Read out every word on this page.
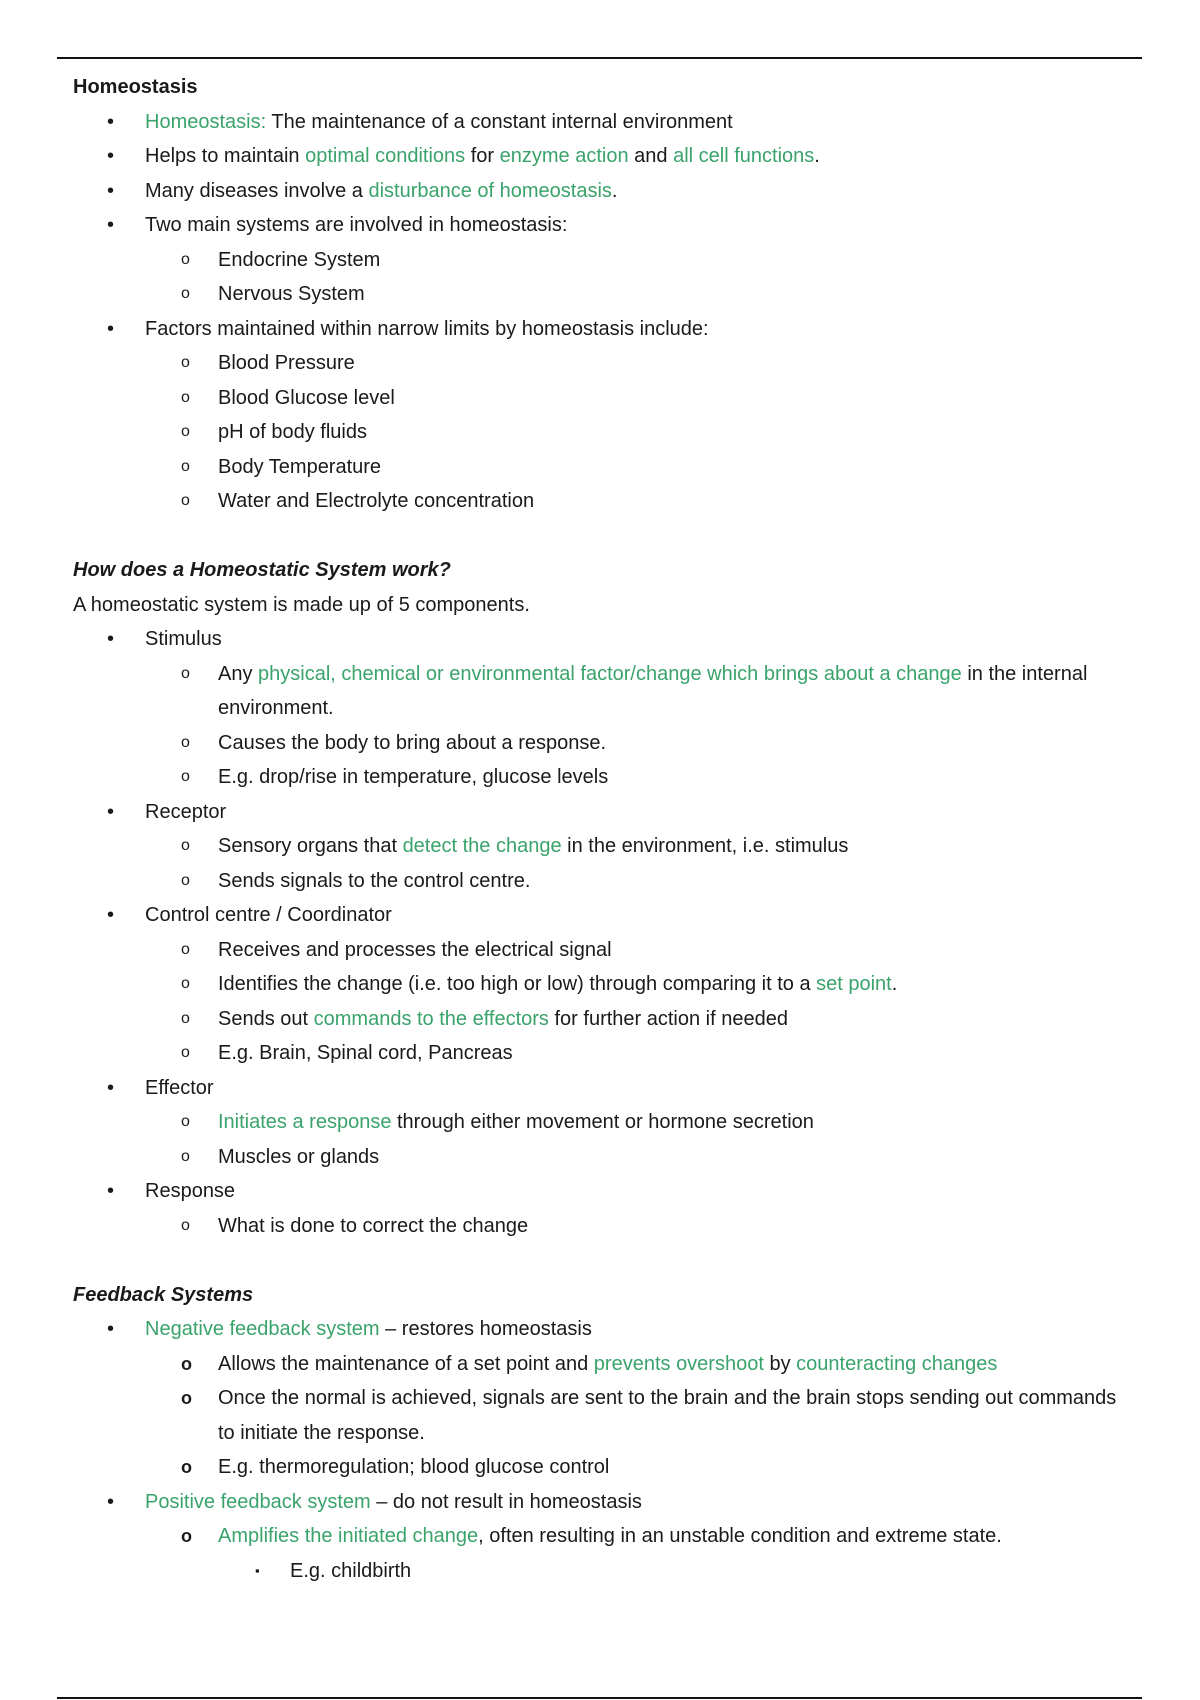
Homeostasis
• Homeostasis: The maintenance of a constant internal environment
• Helps to maintain optimal conditions for enzyme action and all cell functions.
• Many diseases involve a disturbance of homeostasis.
• Two main systems are involved in homeostasis:
o Endocrine System
o Nervous System
• Factors maintained within narrow limits by homeostasis include:
o Blood Pressure
o Blood Glucose level
o pH of body fluids
o Body Temperature
o Water and Electrolyte concentration
How does a Homeostatic System work?
A homeostatic system is made up of 5 components.
• Stimulus
o Any physical, chemical or environmental factor/change which brings about a change in the internal environment.
o Causes the body to bring about a response.
o E.g. drop/rise in temperature, glucose levels
• Receptor
o Sensory organs that detect the change in the environment, i.e. stimulus
o Sends signals to the control centre.
• Control centre / Coordinator
o Receives and processes the electrical signal
o Identifies the change (i.e. too high or low) through comparing it to a set point.
o Sends out commands to the effectors for further action if needed
o E.g. Brain, Spinal cord, Pancreas
• Effector
o Initiates a response through either movement or hormone secretion
o Muscles or glands
• Response
o What is done to correct the change
Feedback Systems
• Negative feedback system – restores homeostasis
o Allows the maintenance of a set point and prevents overshoot by counteracting changes
o Once the normal is achieved, signals are sent to the brain and the brain stops sending out commands to initiate the response.
o E.g. thermoregulation; blood glucose control
• Positive feedback system – do not result in homeostasis
o Amplifies the initiated change, often resulting in an unstable condition and extreme state.
▪ E.g. childbirth
